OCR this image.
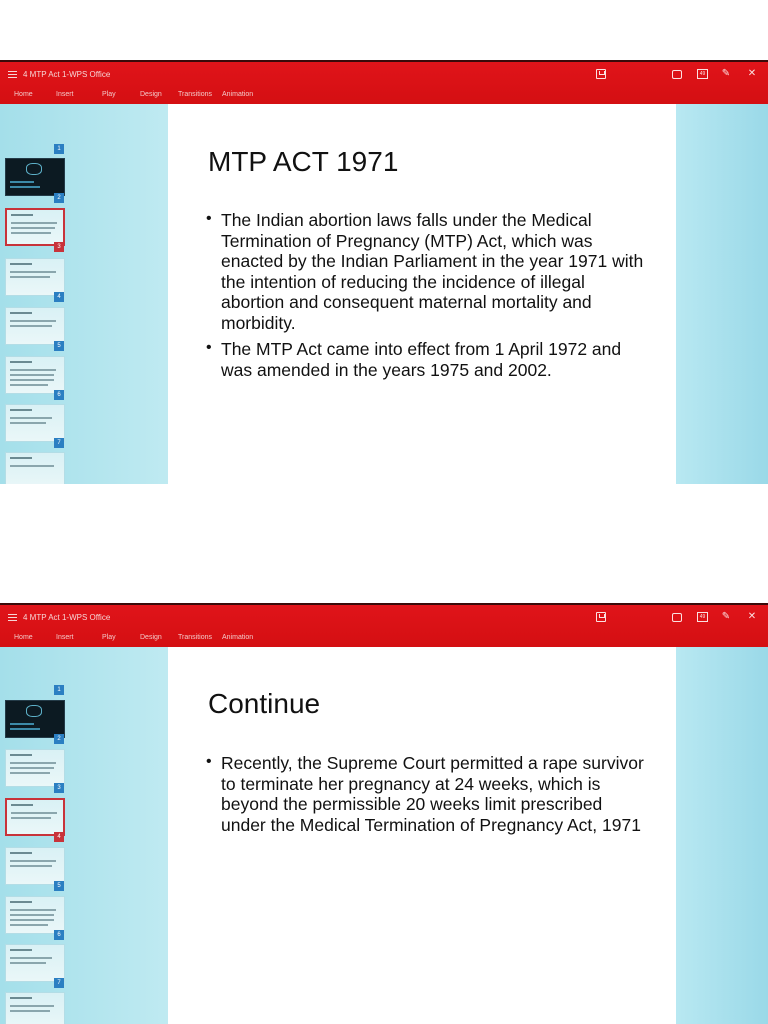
4 MTP Act 1-WPS Office
Home	Insert	Play	Design	Transitions	Animation
49 ✎ ✕
1
2
3
4
5
6
7
MTP ACT 1971
• The Indian abortion laws falls under the Medical Termination of Pregnancy (MTP) Act, which was enacted by the Indian Parliament in the year 1971 with the intention of reducing the incidence of illegal abortion and consequent maternal mortality and morbidity.
• The MTP Act came into effect from 1 April 1972 and was amended in the years 1975 and 2002.
4 MTP Act 1-WPS Office
Home	Insert	Play	Design	Transitions	Animation
49 ✎ ✕
1
2
3
4
5
6
7
Continue
• Recently, the Supreme Court permitted a rape survivor to terminate her pregnancy at 24 weeks, which is beyond the permissible 20 weeks limit prescribed under the Medical Termination of Pregnancy Act, 1971
